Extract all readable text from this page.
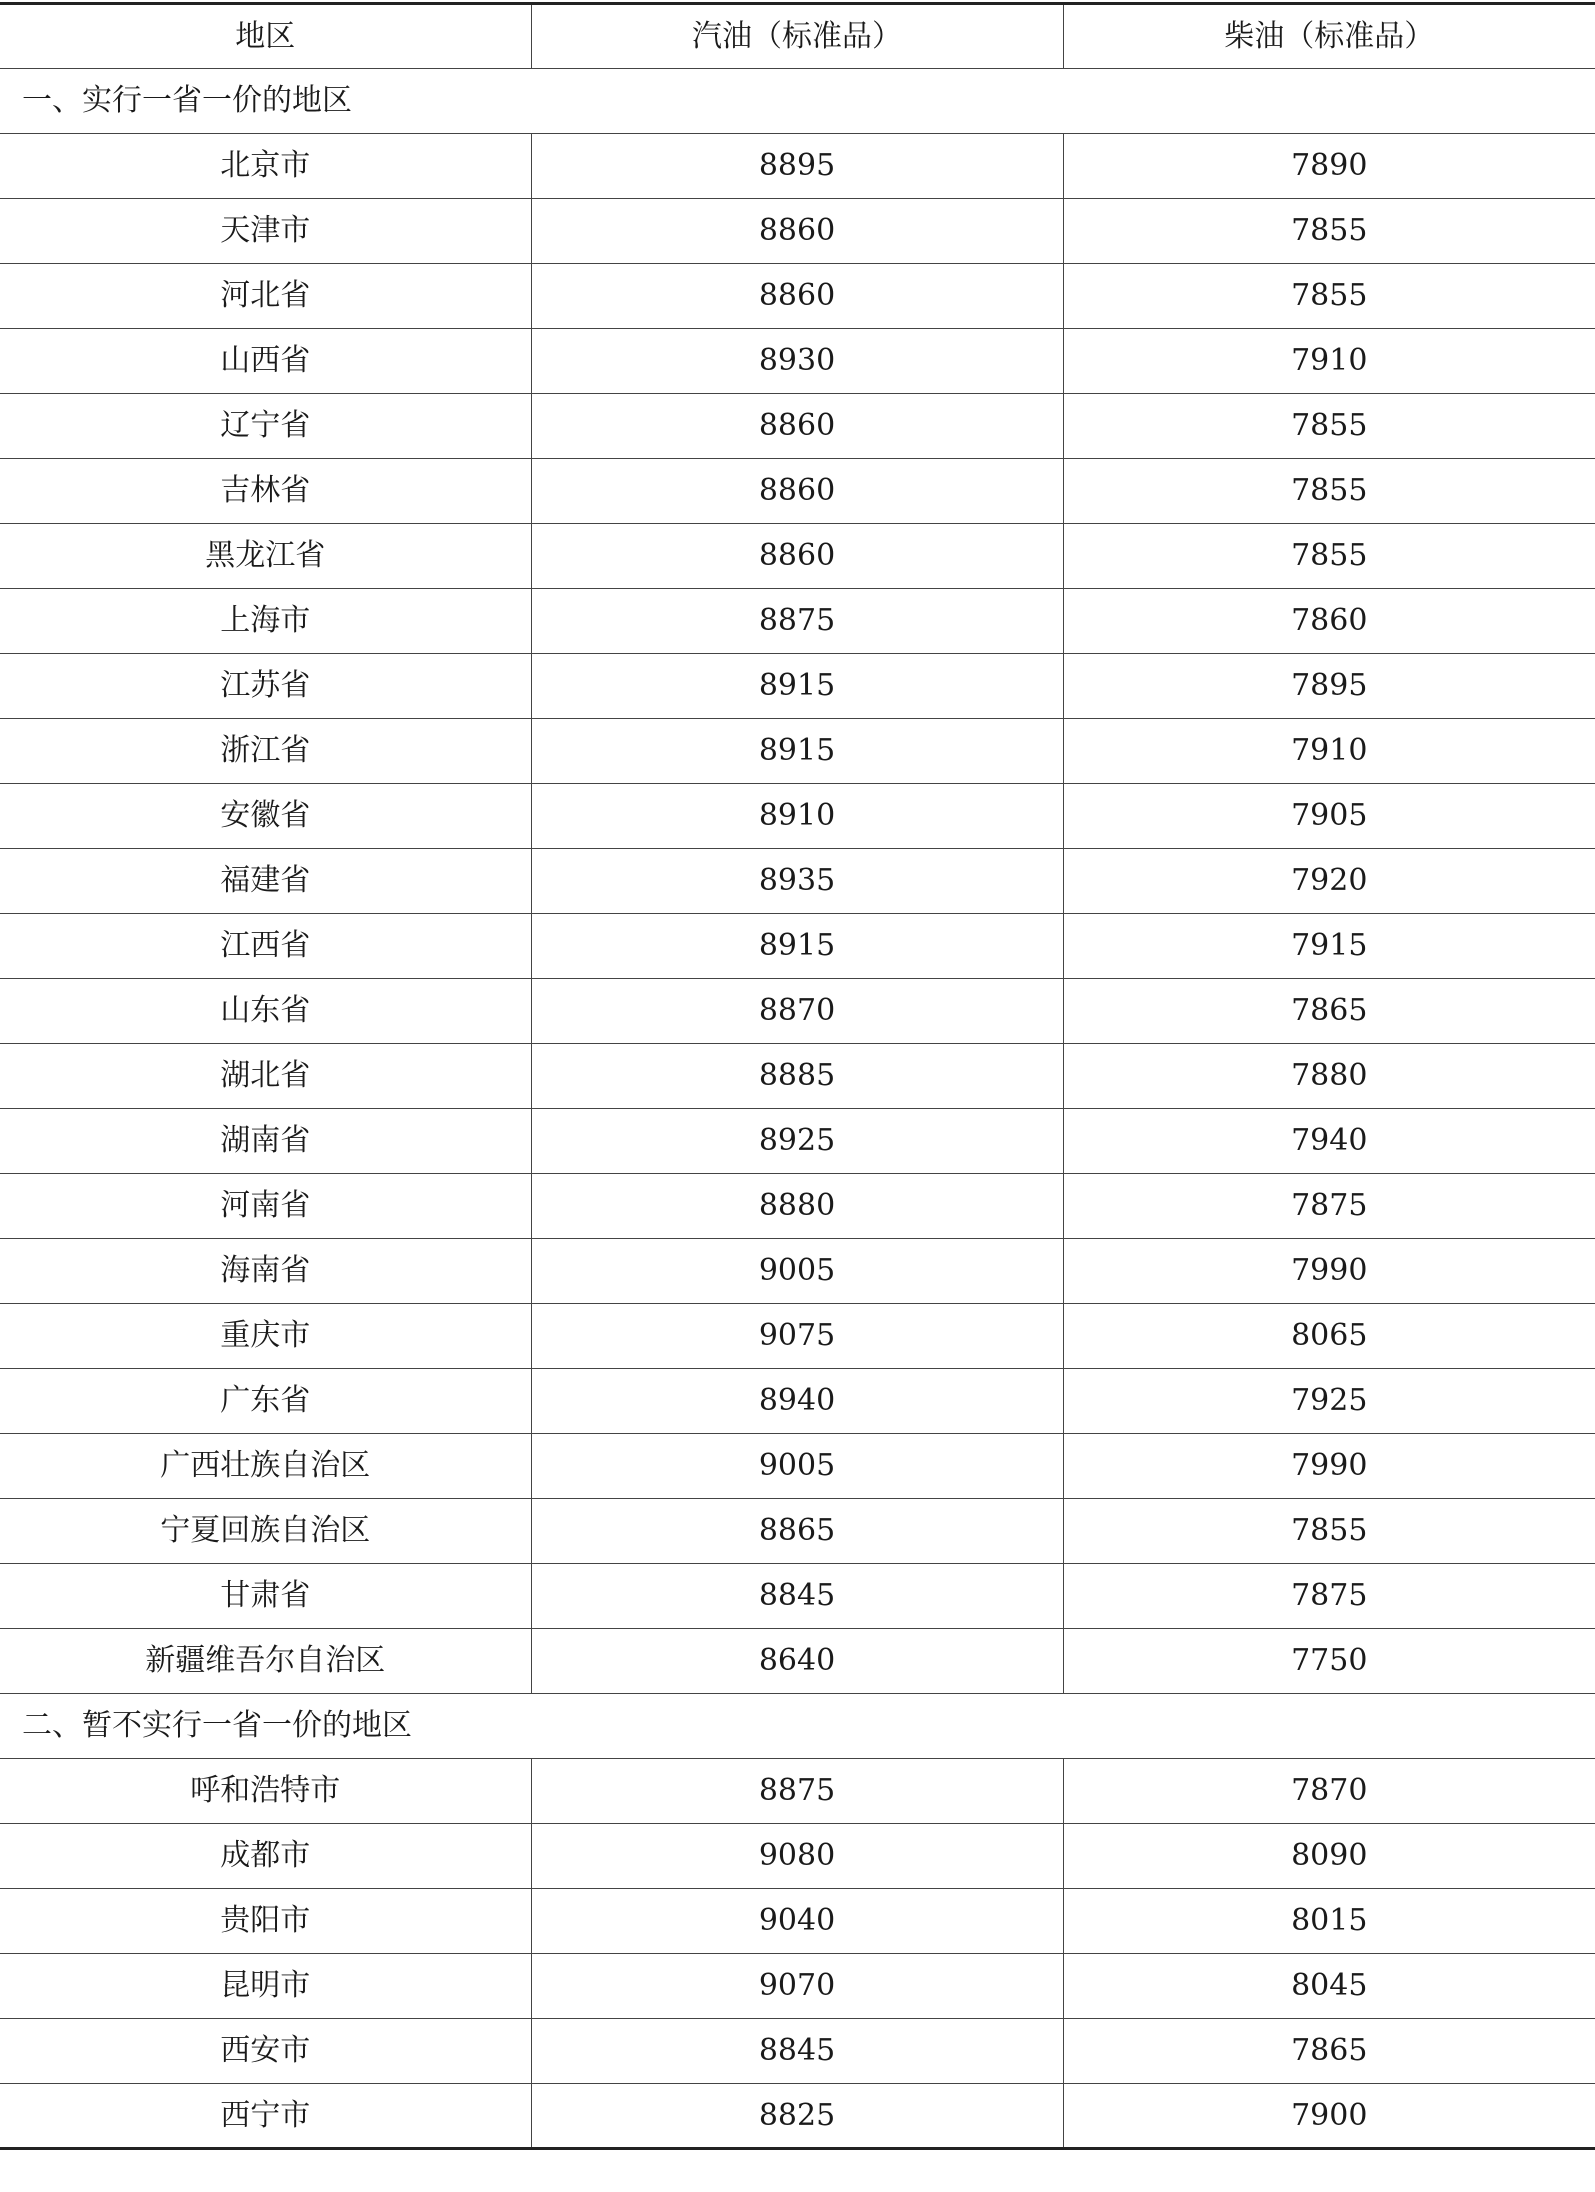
地区	汽油（标准品）	柴油（标准品）
一、实行一省一价的地区		
北京市	8895	7890
天津市	8860	7855
河北省	8860	7855
山西省	8930	7910
辽宁省	8860	7855
吉林省	8860	7855
黑龙江省	8860	7855
上海市	8875	7860
江苏省	8915	7895
浙江省	8915	7910
安徽省	8910	7905
福建省	8935	7920
江西省	8915	7915
山东省	8870	7865
湖北省	8885	7880
湖南省	8925	7940
河南省	8880	7875
海南省	9005	7990
重庆市	9075	8065
广东省	8940	7925
广西壮族自治区	9005	7990
宁夏回族自治区	8865	7855
甘肃省	8845	7875
新疆维吾尔自治区	8640	7750
二、暂不实行一省一价的地区		
呼和浩特市	8875	7870
成都市	9080	8090
贵阳市	9040	8015
昆明市	9070	8045
西安市	8845	7865
西宁市	8825	7900
